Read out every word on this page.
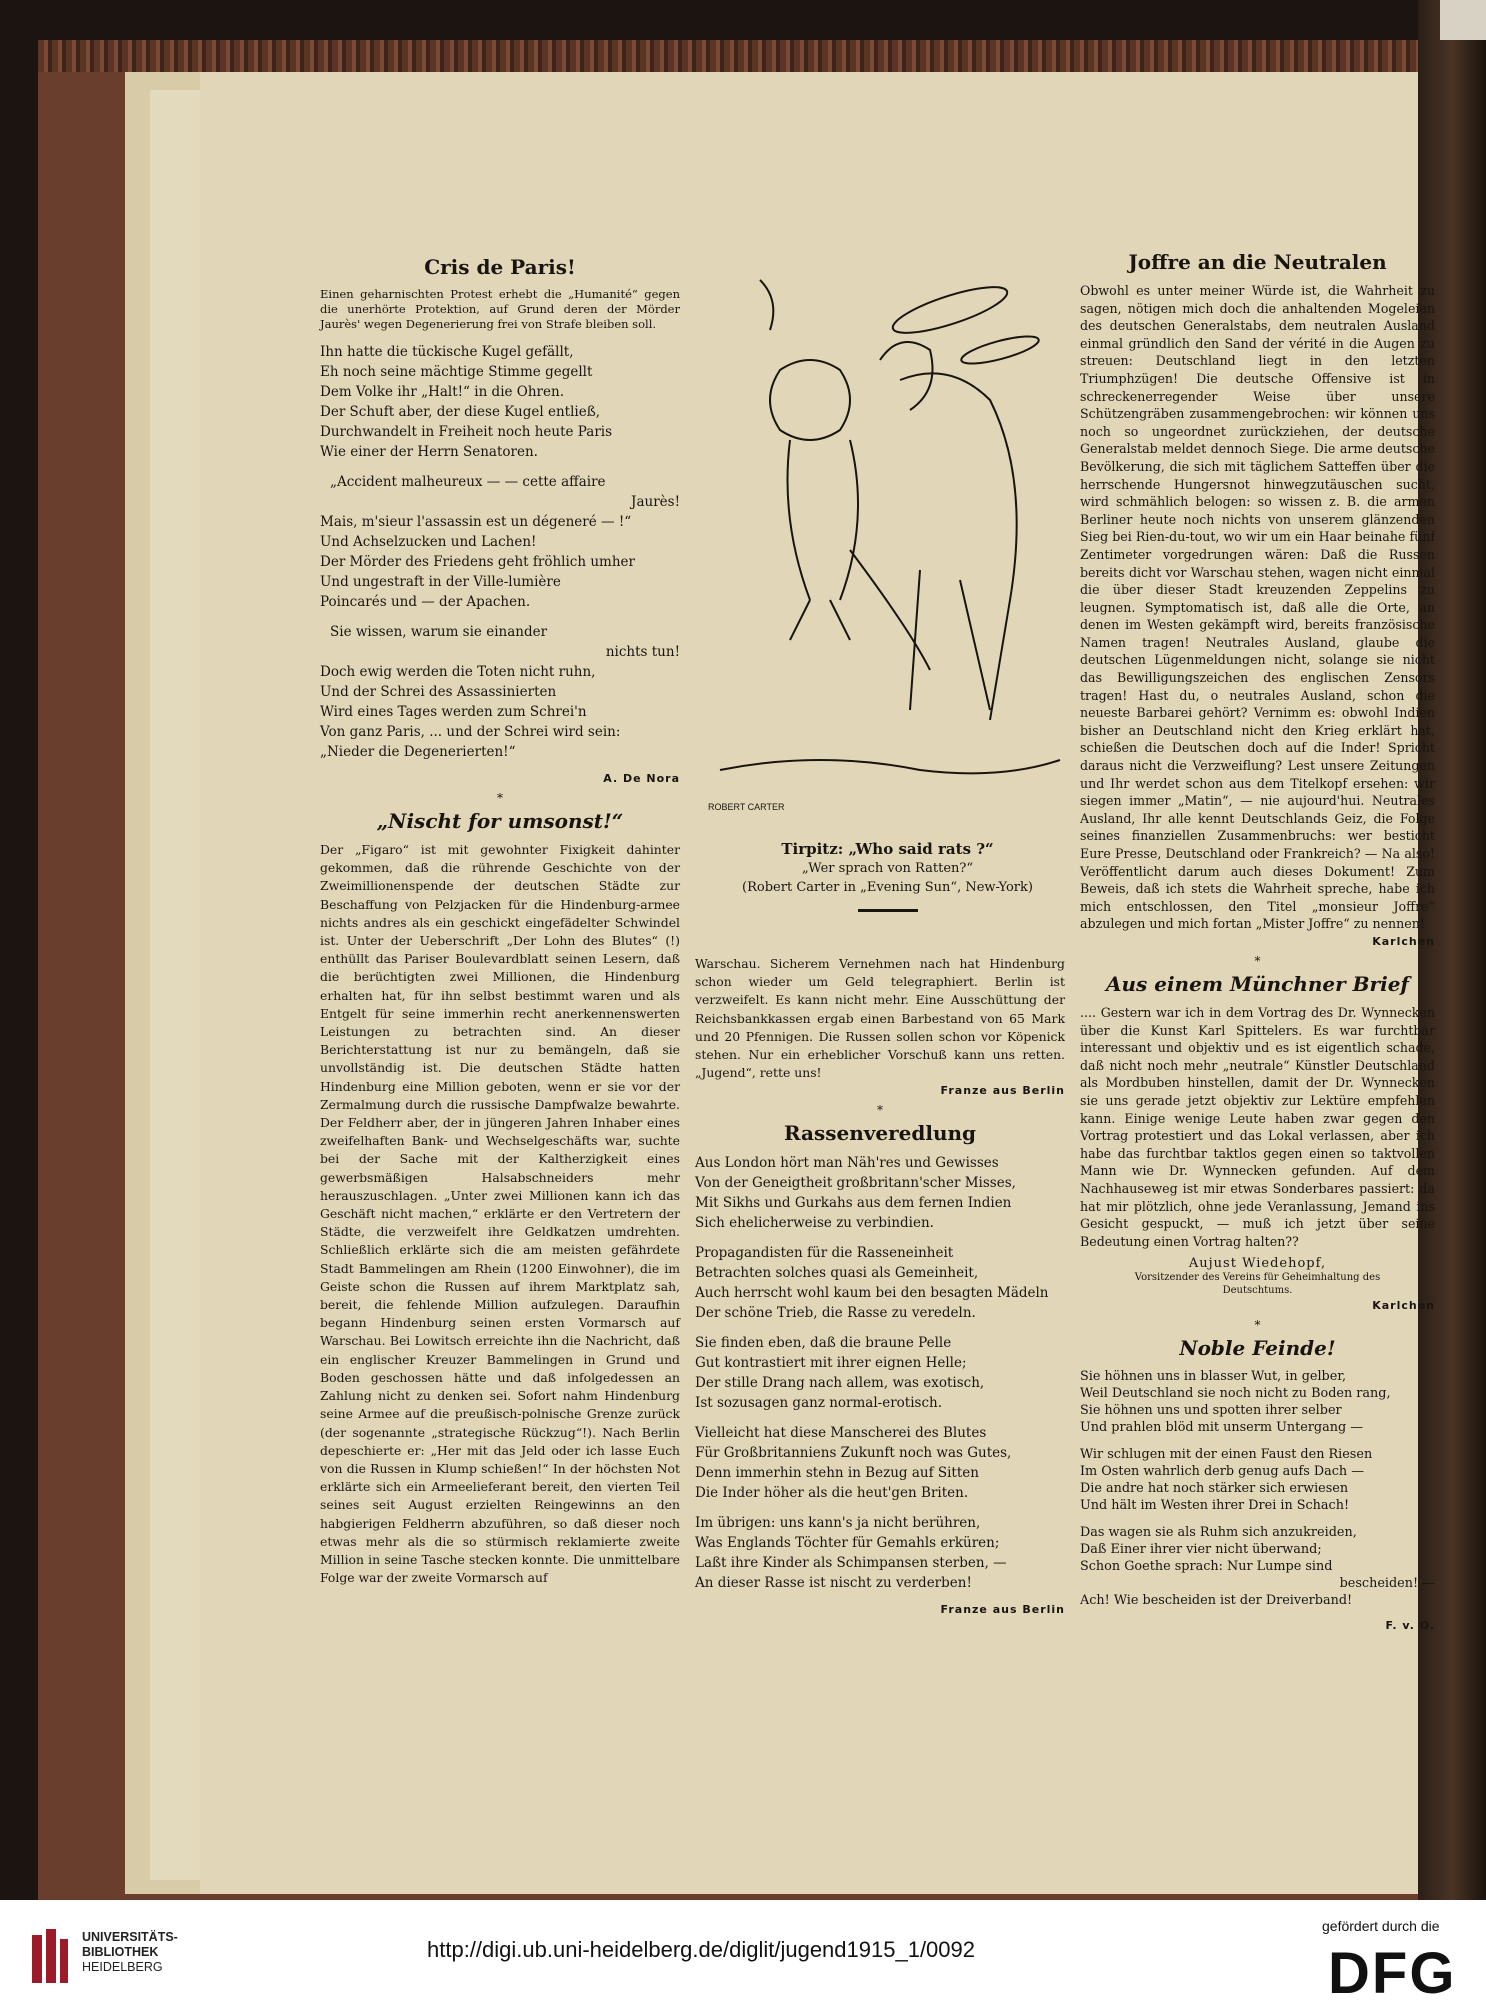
Cris de Paris!

Einen geharnischten Protest erhebt die „Humanité“ gegen die unerhörte Protektion, auf Grund deren der Mörder Jaurès' wegen Degenerierung frei von Strafe bleiben soll.

Ihn hatte die tückische Kugel gefällt,
Eh noch seine mächtige Stimme gegellt
Dem Volke ihr „Halt!“ in die Ohren.
Der Schuft aber, der diese Kugel entließ,
Durchwandelt in Freiheit noch heute Paris
Wie einer der Herrn Senatoren.
„Accident malheureux — — cette affaire
Jaurès!
Mais, m'sieur l'assassin est un dégeneré — !“
Und Achselzucken und Lachen!
Der Mörder des Friedens geht fröhlich umher
Und ungestraft in der Ville-lumière
Poincarés und — der Apachen.
Sie wissen, warum sie einander
nichts tun!
Doch ewig werden die Toten nicht ruhn,
Und der Schrei des Assassinierten
Wird eines Tages werden zum Schrei'n
Von ganz Paris, ... und der Schrei wird sein:
„Nieder die Degenerierten!“
A. De Nora
*
„Nischt for umsonst!“

Der „Figaro“ ist mit gewohnter Fixigkeit dahinter gekommen, daß die rührende Geschichte von der Zweimillionenspende der deutschen Städte zur Beschaffung von Pelzjacken für die Hindenburg-armee nichts andres als ein geschickt eingefädelter Schwindel ist. Unter der Ueberschrift „Der Lohn des Blutes“ (!) enthüllt das Pariser Boulevardblatt seinen Lesern, daß die berüchtigten zwei Millionen, die Hindenburg erhalten hat, für ihn selbst bestimmt waren und als Entgelt für seine immerhin recht anerkennenswerten Leistungen zu betrachten sind. An dieser Berichterstattung ist nur zu bemängeln, daß sie unvollständig ist. Die deutschen Städte hatten Hindenburg eine Million geboten, wenn er sie vor der Zermalmung durch die russische Dampfwalze bewahrte. Der Feldherr aber, der in jüngeren Jahren Inhaber eines zweifelhaften Bank- und Wechselgeschäfts war, suchte bei der Sache mit der Kaltherzigkeit eines gewerbsmäßigen Halsabschneiders mehr herauszuschlagen. „Unter zwei Millionen kann ich das Geschäft nicht machen,“ erklärte er den Vertretern der Städte, die verzweifelt ihre Geldkatzen umdrehten. Schließlich erklärte sich die am meisten gefährdete Stadt Bammelingen am Rhein (1200 Einwohner), die im Geiste schon die Russen auf ihrem Marktplatz sah, bereit, die fehlende Million aufzulegen. Daraufhin begann Hindenburg seinen ersten Vormarsch auf Warschau. Bei Lowitsch erreichte ihn die Nachricht, daß ein englischer Kreuzer Bammelingen in Grund und Boden geschossen hätte und daß infolgedessen an Zahlung nicht zu denken sei. Sofort nahm Hindenburg seine Armee auf die preußisch-polnische Grenze zurück (der sogenannte „strategische Rückzug“!). Nach Berlin depeschierte er: „Her mit das Jeld oder ich lasse Euch von die Russen in Klump schießen!“ In der höchsten Not erklärte sich ein Armeelieferant bereit, den vierten Teil seines seit August erzielten Reingewinns an den habgierigen Feldherrn abzuführen, so daß dieser noch etwas mehr als die so stürmisch reklamierte zweite Million in seine Tasche stecken konnte. Die unmittelbare Folge war der zweite Vormarsch auf

ROBERT CARTER
Tirpitz: „Who said rats ?“
„Wer sprach von Ratten?“
(Robert Carter in „Evening Sun“, New-York)

Warschau. Sicherem Vernehmen nach hat Hindenburg schon wieder um Geld telegraphiert. Berlin ist verzweifelt. Es kann nicht mehr. Eine Ausschüttung der Reichsbankkassen ergab einen Barbestand von 65 Mark und 20 Pfennigen. Die Russen sollen schon vor Köpenick stehen. Nur ein erheblicher Vorschuß kann uns retten. „Jugend“, rette uns!

Franze aus Berlin
*
Rassenveredlung
Aus London hört man Näh'res und Gewisses
Von der Geneigtheit großbritann'scher Misses,
Mit Sikhs und Gurkahs aus dem fernen Indien
Sich ehelicherweise zu verbindien.
Propagandisten für die Rasseneinheit
Betrachten solches quasi als Gemeinheit,
Auch herrscht wohl kaum bei den besagten Mädeln
Der schöne Trieb, die Rasse zu veredeln.
Sie finden eben, daß die braune Pelle
Gut kontrastiert mit ihrer eignen Helle;
Der stille Drang nach allem, was exotisch,
Ist sozusagen ganz normal-erotisch.
Vielleicht hat diese Manscherei des Blutes
Für Großbritanniens Zukunft noch was Gutes,
Denn immerhin stehn in Bezug auf Sitten
Die Inder höher als die heut'gen Briten.
Im übrigen: uns kann's ja nicht berühren,
Was Englands Töchter für Gemahls erküren;
Laßt ihre Kinder als Schimpansen sterben, —
An dieser Rasse ist nischt zu verderben!
Franze aus Berlin
Joffre an die Neutralen

Obwohl es unter meiner Würde ist, die Wahrheit zu sagen, nötigen mich doch die anhaltenden Mogeleien des deutschen Generalstabs, dem neutralen Ausland einmal gründlich den Sand der vérité in die Augen zu streuen: Deutschland liegt in den letzten Triumphzügen! Die deutsche Offensive ist in schreckenerregender Weise über unsere Schützengräben zusammengebrochen: wir können uns noch so ungeordnet zurückziehen, der deutsche Generalstab meldet dennoch Siege. Die arme deutsche Bevölkerung, die sich mit täglichem Satteffen über die herrschende Hungersnot hinwegzutäuschen sucht, wird schmählich belogen: so wissen z. B. die armen Berliner heute noch nichts von unserem glänzenden Sieg bei Rien-du-tout, wo wir um ein Haar beinahe fünf Zentimeter vorgedrungen wären: Daß die Russen bereits dicht vor Warschau stehen, wagen nicht einmal die über dieser Stadt kreuzenden Zeppelins zu leugnen. Symptomatisch ist, daß alle die Orte, an denen im Westen gekämpft wird, bereits französische Namen tragen! Neutrales Ausland, glaube die deutschen Lügenmeldungen nicht, solange sie nicht das Bewilligungszeichen des englischen Zensors tragen! Hast du, o neutrales Ausland, schon die neueste Barbarei gehört? Vernimm es: obwohl Indien bisher an Deutschland nicht den Krieg erklärt hat, schießen die Deutschen doch auf die Inder! Spricht daraus nicht die Verzweiflung? Lest unsere Zeitungen und Ihr werdet schon aus dem Titelkopf ersehen: wir siegen immer „Matin“, — nie aujourd'hui. Neutrales Ausland, Ihr alle kennt Deutschlands Geiz, die Folge seines finanziellen Zusammenbruchs: wer besticht Eure Presse, Deutschland oder Frankreich? — Na also! Veröffentlicht darum auch dieses Dokument! Zum Beweis, daß ich stets die Wahrheit spreche, habe ich mich entschlossen, den Titel „monsieur Joffre“ abzulegen und mich fortan „Mister Joffre“ zu nennen!

Karlchen
*
Aus einem Münchner Brief

.... Gestern war ich in dem Vortrag des Dr. Wynnecken über die Kunst Karl Spittelers. Es war furchtbar interessant und objektiv und es ist eigentlich schade, daß nicht noch mehr „neutrale“ Künstler Deutschland als Mordbuben hinstellen, damit der Dr. Wynnecken sie uns gerade jetzt objektiv zur Lektüre empfehlen kann. Einige wenige Leute haben zwar gegen den Vortrag protestiert und das Lokal verlassen, aber ich habe das furchtbar taktlos gegen einen so taktvollen Mann wie Dr. Wynnecken gefunden. Auf dem Nachhauseweg ist mir etwas Sonderbares passiert: da hat mir plötzlich, ohne jede Veranlassung, Jemand ins Gesicht gespuckt, — muß ich jetzt über seine Bedeutung einen Vortrag halten??

Aujust Wiedehopf,
Vorsitzender des Vereins für Geheimhaltung des Deutschtums.
Karlchen
*
Noble Feinde!
Sie höhnen uns in blasser Wut, in gelber,
Weil Deutschland sie noch nicht zu Boden rang,
Sie höhnen uns und spotten ihrer selber
Und prahlen blöd mit unserm Untergang —
Wir schlugen mit der einen Faust den Riesen
Im Osten wahrlich derb genug aufs Dach —
Die andre hat noch stärker sich erwiesen
Und hält im Westen ihrer Drei in Schach!
Das wagen sie als Ruhm sich anzukreiden,
Daß Einer ihrer vier nicht überwand;
Schon Goethe sprach: Nur Lumpe sind
bescheiden! —
Ach! Wie bescheiden ist der Dreiverband!
F. v. O.
UNIVERSITÄTS-
BIBLIOTHEK
HEIDELBERG
http://digi.ub.uni-heidelberg.de/diglit/jugend1915_1/0092
gefördert durch die
DFG
